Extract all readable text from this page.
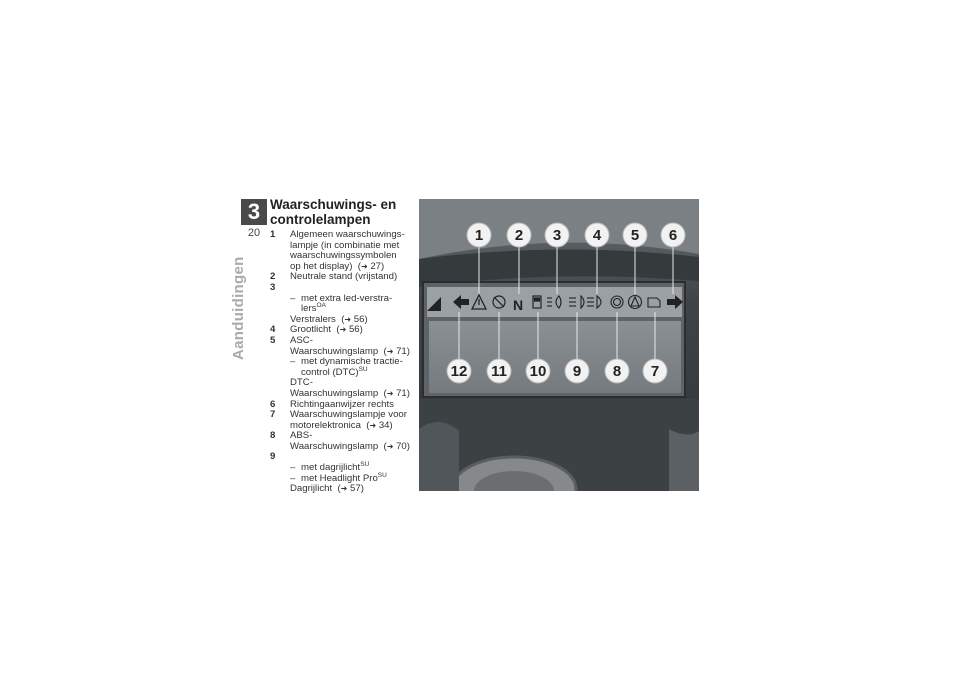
3
20
Aanduidingen
Waarschuwings- en
controlelampen
1	Algemeen waarschuwings-
lampje (in combinatie met
waarschuwingssymbolen
op het display)  (➜ 27)
2	Neutrale stand (vrijstand)
3
– met extra led-verstra-
lers$^{OA}$
Verstralers  (➜ 56)
4	Grootlicht  (➜ 56)
5	ASC-Waarschuwingslamp  (➜ 71)
– met dynamische tractie-
control (DTC)$^{SU}$
DTC-Waarschuwingslamp  (➜ 71)
6	Richtingaanwijzer rechts
7	Waarschuwingslampje voor
motorelektronica  (➜ 34)
8	ABS-Waarschuwingslamp  (➜ 70)
9
– met dagrijlicht$^{SU}$
– met Headlight Pro$^{SU}$
Dagrijlicht  (➜ 57)
N
1 2 3 4 5 6
12 11 10 9 8 7
